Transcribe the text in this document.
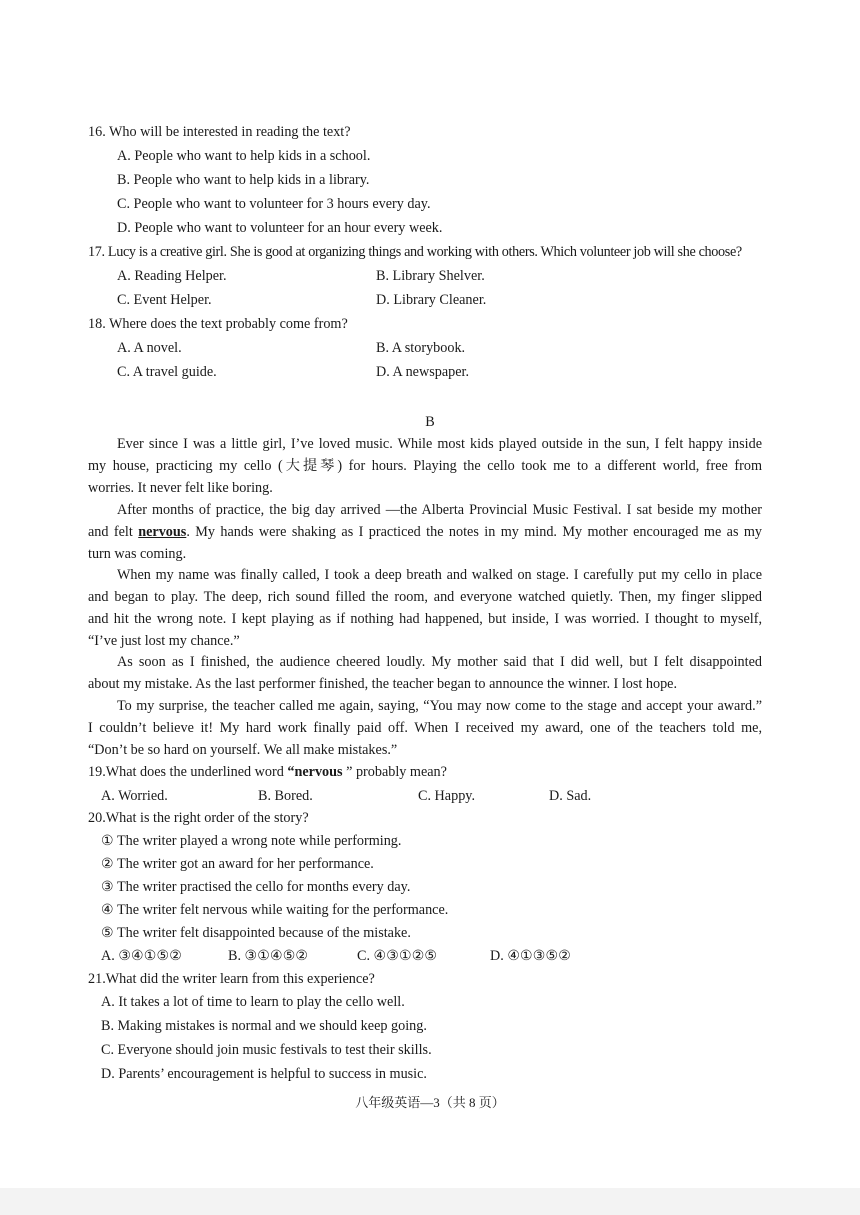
16. Who will be interested in reading the text?
A. People who want to help kids in a school.
B. People who want to help kids in a library.
C. People who want to volunteer for 3 hours every day.
D. People who want to volunteer for an hour every week.
17. Lucy is a creative girl. She is good at organizing things and working with others. Which volunteer job will she choose?
A. Reading Helper.	B. Library Shelver.
C. Event Helper.	D. Library Cleaner.
18. Where does the text probably come from?
A. A novel.	B. A storybook.
C. A travel guide.	D. A newspaper.
B
Ever since I was a little girl, I’ve loved music. While most kids played outside in the sun, I felt happy inside
my house, practicing my cello (大提琴) for hours. Playing the cello took me to a different world, free from
worries. It never felt like boring.
After months of practice, the big day arrived —the Alberta Provincial Music Festival. I sat beside my mother
and felt nervous. My hands were shaking as I practiced the notes in my mind. My mother encouraged me as my
turn was coming.
When my name was finally called, I took a deep breath and walked on stage. I carefully put my cello in place
and began to play. The deep, rich sound filled the room, and everyone watched quietly. Then, my finger slipped
and hit the wrong note. I kept playing as if nothing had happened, but inside, I was worried. I thought to myself,
“I’ve just lost my chance.”
As soon as I finished, the audience cheered loudly. My mother said that I did well, but I felt disappointed
about my mistake. As the last performer finished, the teacher began to announce the winner. I lost hope.
To my surprise, the teacher called me again, saying, “You may now come to the stage and accept your award.”
I couldn’t believe it! My hard work finally paid off. When I received my award, one of the teachers told me,
“Don’t be so hard on yourself. We all make mistakes.”
19.What does the underlined word “nervous ” probably mean?
A. Worried.	B. Bored.	C. Happy.	D. Sad.
20.What is the right order of the story?
① The writer played a wrong note while performing.
② The writer got an award for her performance.
③ The writer practised the cello for months every day.
④ The writer felt nervous while waiting for the performance.
⑤ The writer felt disappointed because of the mistake.
A. ③④①⑤②	B. ③①④⑤②	C. ④③①②⑤	D. ④①③⑤②
21.What did the writer learn from this experience?
A. It takes a lot of time to learn to play the cello well.
B. Making mistakes is normal and we should keep going.
C. Everyone should join music festivals to test their skills.
D. Parents’ encouragement is helpful to success in music.
八年级英语—3（共 8 页）
